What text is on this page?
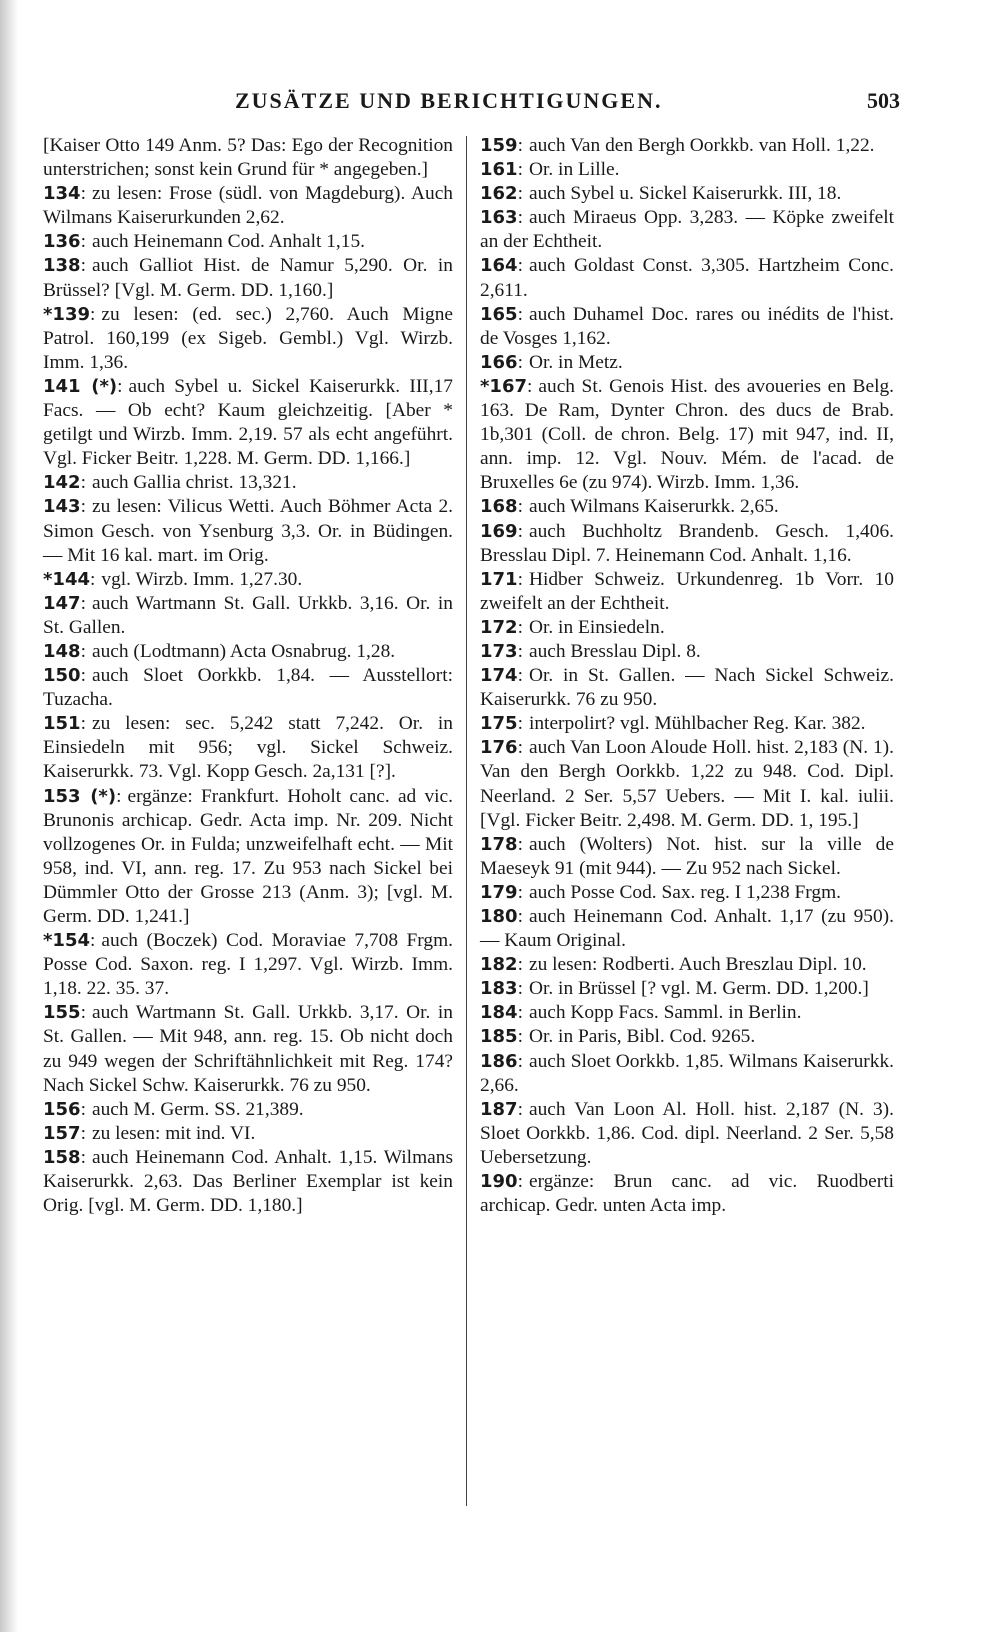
ZUSÄTZE UND BERICHTIGUNGEN.	503

[Kaiser Otto 149 Anm. 5? Das: Ego der Recognition unterstrichen; sonst kein Grund für * angegeben.]

134: zu lesen: Frose (südl. von Magdeburg). Auch Wilmans Kaiserurkunden 2,62.

136: auch Heinemann Cod. Anhalt 1,15.

138: auch Galliot Hist. de Namur 5,290. Or. in Brüssel? [Vgl. M. Germ. DD. 1,160.]

*139: zu lesen: (ed. sec.) 2,760. Auch Migne Patrol. 160,199 (ex Sigeb. Gembl.) Vgl. Wirzb. Imm. 1,36.

141 (*): auch Sybel u. Sickel Kaiserurkk. III,17 Facs. — Ob echt? Kaum gleichzeitig. [Aber * getilgt und Wirzb. Imm. 2,19. 57 als echt angeführt. Vgl. Ficker Beitr. 1,228. M. Germ. DD. 1,166.]

142: auch Gallia christ. 13,321.

143: zu lesen: Vilicus Wetti. Auch Böhmer Acta 2. Simon Gesch. von Ysenburg 3,3. Or. in Büdingen. — Mit 16 kal. mart. im Orig.

*144: vgl. Wirzb. Imm. 1,27.30.

147: auch Wartmann St. Gall. Urkkb. 3,16. Or. in St. Gallen.

148: auch (Lodtmann) Acta Osnabrug. 1,28.

150: auch Sloet Oorkkb. 1,84. — Ausstellort: Tuzacha.

151: zu lesen: sec. 5,242 statt 7,242. Or. in Einsiedeln mit 956; vgl. Sickel Schweiz. Kaiserurkk. 73. Vgl. Kopp Gesch. 2a,131 [?].

153 (*): ergänze: Frankfurt. Hoholt canc. ad vic. Brunonis archicap. Gedr. Acta imp. Nr. 209. Nicht vollzogenes Or. in Fulda; unzweifelhaft echt. — Mit 958, ind. VI, ann. reg. 17. Zu 953 nach Sickel bei Dümmler Otto der Grosse 213 (Anm. 3); [vgl. M. Germ. DD. 1,241.]

*154: auch (Boczek) Cod. Moraviae 7,708 Frgm. Posse Cod. Saxon. reg. I 1,297. Vgl. Wirzb. Imm. 1,18. 22. 35. 37.

155: auch Wartmann St. Gall. Urkkb. 3,17. Or. in St. Gallen. — Mit 948, ann. reg. 15. Ob nicht doch zu 949 wegen der Schriftähnlichkeit mit Reg. 174? Nach Sickel Schw. Kaiserurkk. 76 zu 950.

156: auch M. Germ. SS. 21,389.

157: zu lesen: mit ind. VI.

158: auch Heinemann Cod. Anhalt. 1,15. Wilmans Kaiserurkk. 2,63. Das Berliner Exemplar ist kein Orig. [vgl. M. Germ. DD. 1,180.]

159: auch Van den Bergh Oorkkb. van Holl. 1,22.

161: Or. in Lille.

162: auch Sybel u. Sickel Kaiserurkk. III, 18.

163: auch Miraeus Opp. 3,283. — Köpke zweifelt an der Echtheit.

164: auch Goldast Const. 3,305. Hartzheim Conc. 2,611.

165: auch Duhamel Doc. rares ou inédits de l'hist. de Vosges 1,162.

166: Or. in Metz.

*167: auch St. Genois Hist. des avoueries en Belg. 163. De Ram, Dynter Chron. des ducs de Brab. 1b,301 (Coll. de chron. Belg. 17) mit 947, ind. II, ann. imp. 12. Vgl. Nouv. Mém. de l'acad. de Bruxelles 6e (zu 974). Wirzb. Imm. 1,36.

168: auch Wilmans Kaiserurkk. 2,65.

169: auch Buchholtz Brandenb. Gesch. 1,406. Bresslau Dipl. 7. Heinemann Cod. Anhalt. 1,16.

171: Hidber Schweiz. Urkundenreg. 1b Vorr. 10 zweifelt an der Echtheit.

172: Or. in Einsiedeln.

173: auch Bresslau Dipl. 8.

174: Or. in St. Gallen. — Nach Sickel Schweiz. Kaiserurkk. 76 zu 950.

175: interpolirt? vgl. Mühlbacher Reg. Kar. 382.

176: auch Van Loon Aloude Holl. hist. 2,183 (N. 1). Van den Bergh Oorkkb. 1,22 zu 948. Cod. Dipl. Neerland. 2 Ser. 5,57 Uebers. — Mit I. kal. iulii. [Vgl. Ficker Beitr. 2,498. M. Germ. DD. 1, 195.]

178: auch (Wolters) Not. hist. sur la ville de Maeseyk 91 (mit 944). — Zu 952 nach Sickel.

179: auch Posse Cod. Sax. reg. I 1,238 Frgm.

180: auch Heinemann Cod. Anhalt. 1,17 (zu 950). — Kaum Original.

182: zu lesen: Rodberti. Auch Breszlau Dipl. 10.

183: Or. in Brüssel [? vgl. M. Germ. DD. 1,200.]

184: auch Kopp Facs. Samml. in Berlin.

185: Or. in Paris, Bibl. Cod. 9265.

186: auch Sloet Oorkkb. 1,85. Wilmans Kaiserurkk. 2,66.

187: auch Van Loon Al. Holl. hist. 2,187 (N. 3). Sloet Oorkkb. 1,86. Cod. dipl. Neerland. 2 Ser. 5,58 Uebersetzung.

190: ergänze: Brun canc. ad vic. Ruodberti archicap. Gedr. unten Acta imp.
